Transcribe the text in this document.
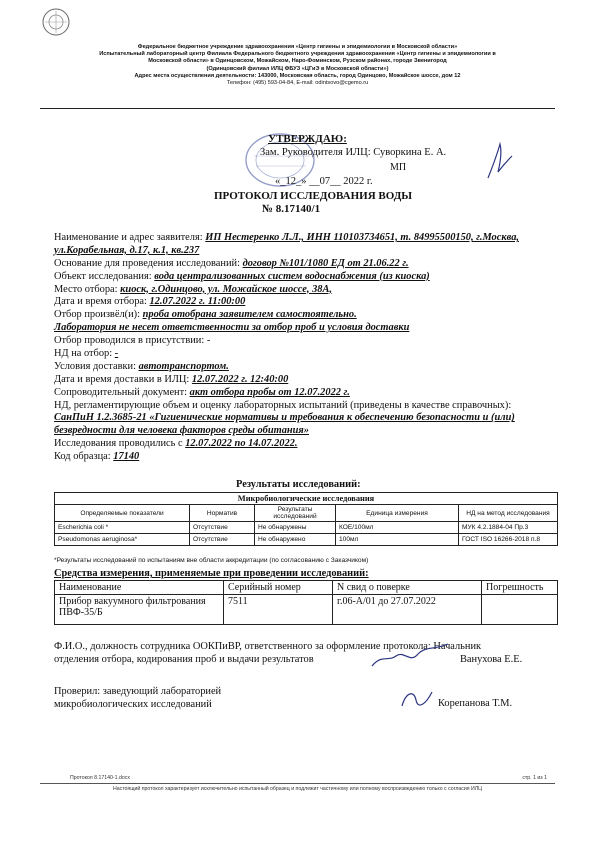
Федеральное бюджетное учреждение здравоохранения «Центр гигиены и эпидемиологии в Московской области»
Испытательный лабораторный центр Филиала Федерального бюджетного учреждения здравоохранения «Центр гигиены и эпидемиологии в
Московской области» в Одинцовском, Можайском, Наро-Фоминском, Рузском районах, городе Звенигород
(Одинцовский филиал ИЛЦ ФБУЗ «ЦГиЭ в Московской области»)
Адрес места осуществления деятельности: 143000, Московская область, город Одинцово, Можайское шоссе, дом 12
Телефон: (495) 593-04-84, E-mail: odintsovo@cgemo.ru
УТВЕРЖДАЮ:
Зам. Руководителя ИЛЦ: Суворкина Е. А.
МП
«_12_» __07__ 2022 г.
ПРОТОКОЛ ИССЛЕДОВАНИЯ ВОДЫ
№ 8.17140/1
Наименование и адрес заявителя: ИП Нестеренко Л.Л., ИНН 110103734651, т. 84995500150, г.Москва,
ул.Корабельная, д.17, к.1, кв.237
Основание для проведения исследований: договор №101/1080 ЕД от 21.06.22 г.
Объект исследования: вода централизованных систем водоснабжения (из киоска)
Место отбора: киоск, г.Одинцово, ул. Можайское шоссе, 38А,
Дата и время отбора: 12.07.2022 г. 11:00:00
Отбор произвёл(и): проба отобрана заявителем самостоятельно.
Лаборатория не несет ответственности за отбор проб и условия доставки
Отбор проводился в присутствии: -
НД на отбор: -
Условия доставки: автотранспортом.
Дата и время доставки в ИЛЦ: 12.07.2022 г. 12:40:00
Сопроводительный документ: акт отбора пробы от 12.07.2022 г.
НД, регламентирующие объем и оценку лабораторных испытаний (приведены в качестве справочных):
СанПиН 1.2.3685-21 «Гигиенические нормативы и требования к обеспечению безопасности и (или)
безвредности для человека факторов среды обитания»
Исследования проводились с 12.07.2022 по 14.07.2022.
Код образца: 17140
Результаты исследований:
Микробиологические исследования				
Определяемые показатели	Норматив	Результаты исследований	Единица измерения	НД на метод исследования
Escherichia coli *	Отсутствие	Не обнаружены	КОЕ/100мл	МУК 4.2.1884-04 Пр.3
Pseudomonas aeruginosa*	Отсутствие	Не обнаружено	100мл	ГОСТ ISO 16266-2018 п.8
*Результаты исследований по испытаниям вне области аккредитации (по согласованию с Заказчиком)
Средства измерения, применяемые при проведении исследований:
Наименование	Серийный номер	N свид о поверке	Погрешность
Прибор вакуумного фильтрования ПВФ-35/Б	7511	г.06-А/01 до 27.07.2022	
Ф.И.О., должность сотрудника ООКПиВР, ответственного за оформление протокола: Начальник
отделения отбора, кодирования проб и выдачи результатов	Ванухова Е.Е.
Проверил: заведующий лабораторией
микробиологических исследований	Корепанова Т.М.
Протокол 8.17140-1.docx	стр. 1 из 1
Настоящий протокол характеризует исключительно испытанный образец и подлежит частичному или полному воспроизведению только с согласия ИЛЦ
